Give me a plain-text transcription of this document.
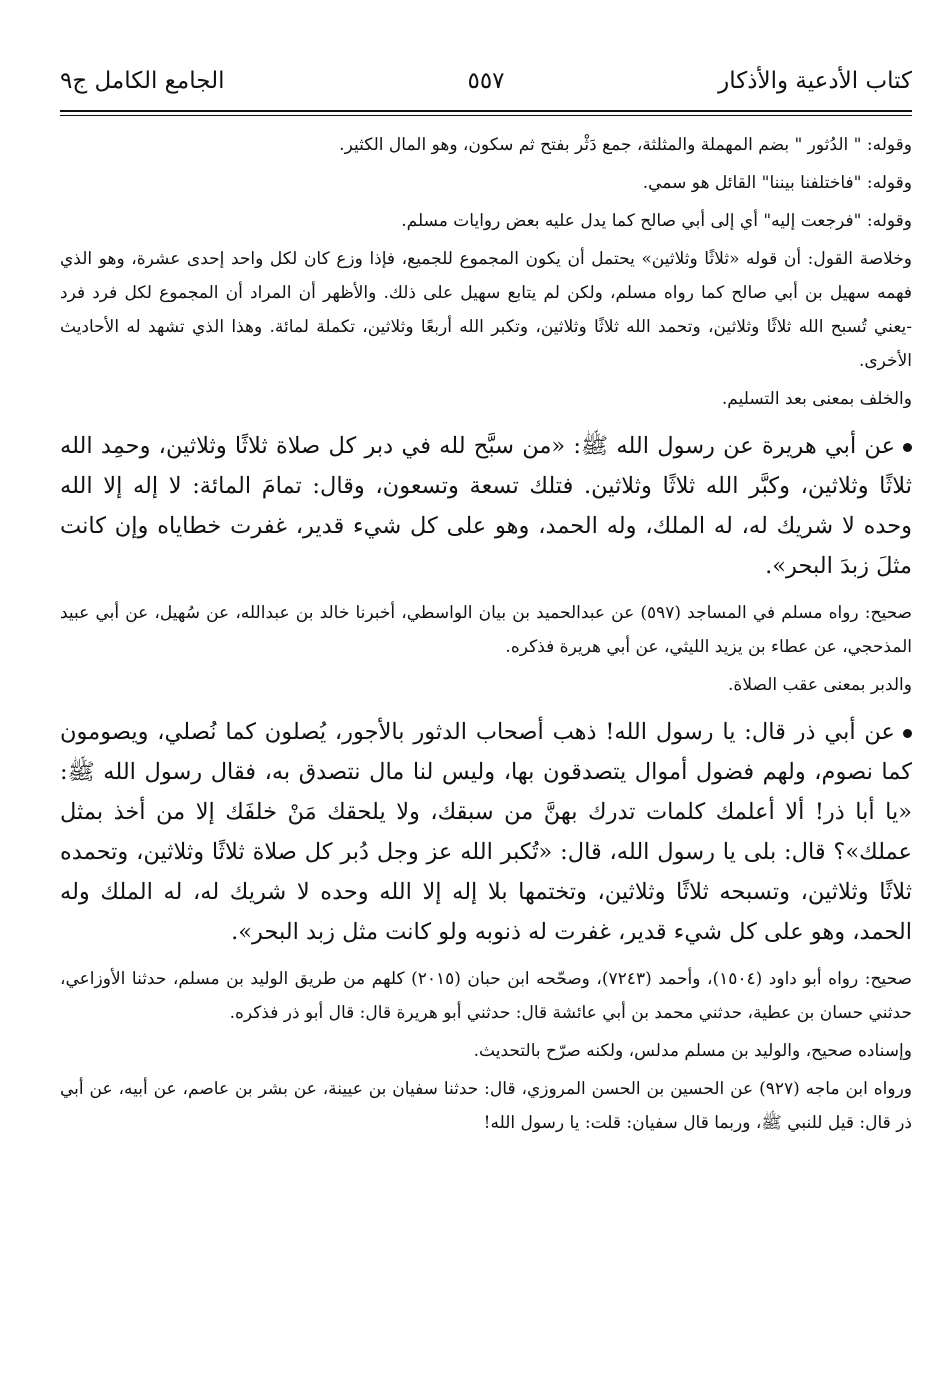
كتاب الأدعية والأذكار
٥٥٧
الجامع الكامل ج٩

وقوله: " الدُثور " بضم المهملة والمثلثة، جمع دَثْر بفتح ثم سكون، وهو المال الكثير.

وقوله: "فاختلفنا بيننا" القائل هو سمي.

وقوله: "فرجعت إليه" أي إلى أبي صالح كما يدل عليه بعض روايات مسلم.

وخلاصة القول: أن قوله «ثلاثًا وثلاثين» يحتمل أن يكون المجموع للجميع، فإذا وزع كان لكل واحد إحدى عشرة، وهو الذي فهمه سهيل بن أبي صالح كما رواه مسلم، ولكن لم يتابع سهيل على ذلك. والأظهر أن المراد أن المجموع لكل فرد فرد -يعني تُسبح الله ثلاثًا وثلاثين، وتحمد الله ثلاثًا وثلاثين، وتكبر الله أربعًا وثلاثين، تكملة لمائة. وهذا الذي تشهد له الأحاديث الأخرى.

والخلف بمعنى بعد التسليم.

عن أبي هريرة عن رسول الله ﷺ: «من سبَّح لله في دبر كل صلاة ثلاثًا وثلاثين، وحمِد الله ثلاثًا وثلاثين، وكبَّر الله ثلاثًا وثلاثين. فتلك تسعة وتسعون، وقال: تمامَ المائة: لا إله إلا الله وحده لا شريك له، له الملك، وله الحمد، وهو على كل شيء قدير، غفرت خطاياه وإن كانت مثلَ زبدَ البحر».

صحيح: رواه مسلم في المساجد (٥٩٧) عن عبدالحميد بن بيان الواسطي، أخبرنا خالد بن عبدالله، عن سُهيل، عن أبي عبيد المذحجي، عن عطاء بن يزيد الليثي، عن أبي هريرة فذكره.

والدبر بمعنى عقب الصلاة.

عن أبي ذر قال: يا رسول الله! ذهب أصحاب الدثور بالأجور، يُصلون كما نُصلي، ويصومون كما نصوم، ولهم فضول أموال يتصدقون بها، وليس لنا مال نتصدق به، فقال رسول الله ﷺ: «يا أبا ذر! ألا أعلمك كلمات تدرك بهنَّ من سبقك، ولا يلحقك مَنْ خلفَك إلا من أخذ بمثل عملك»؟ قال: بلى يا رسول الله، قال: «تُكبر الله عز وجل دُبر كل صلاة ثلاثًا وثلاثين، وتحمده ثلاثًا وثلاثين، وتسبحه ثلاثًا وثلاثين، وتختمها بلا إله إلا الله وحده لا شريك له، له الملك وله الحمد، وهو على كل شيء قدير، غفرت له ذنوبه ولو كانت مثل زبد البحر».

صحيح: رواه أبو داود (١٥٠٤)، وأحمد (٧٢٤٣)، وصحّحه ابن حبان (٢٠١٥) كلهم من طريق الوليد بن مسلم، حدثنا الأوزاعي، حدثني حسان بن عطية، حدثني محمد بن أبي عائشة قال: حدثني أبو هريرة قال: قال أبو ذر فذكره.

وإسناده صحيح، والوليد بن مسلم مدلس، ولكنه صرّح بالتحديث.

ورواه ابن ماجه (٩٢٧) عن الحسين بن الحسن المروزي، قال: حدثنا سفيان بن عيينة، عن بشر بن عاصم، عن أبيه، عن أبي ذر قال: قيل للنبي ﷺ، وربما قال سفيان: قلت: يا رسول الله!
